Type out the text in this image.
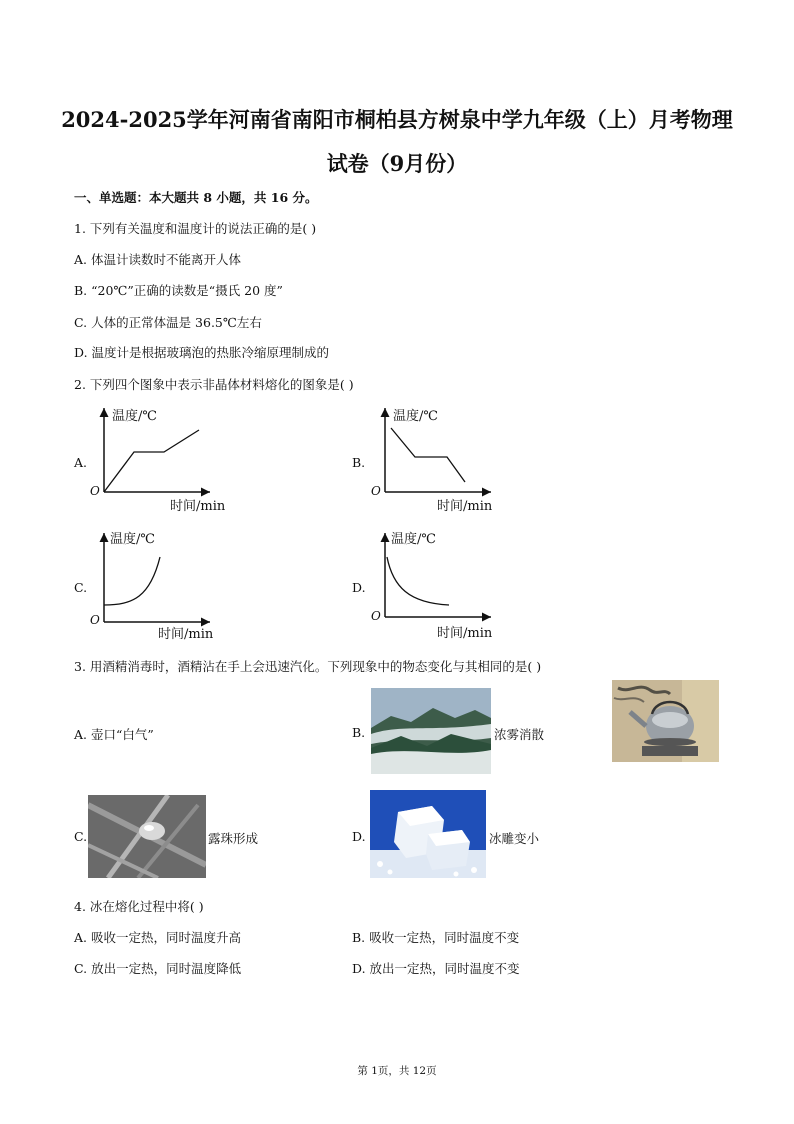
2024-2025学年河南省南阳市桐柏县方树泉中学九年级（上）月考物理
试卷（9月份）
一、单选题：本大题共 8 小题，共 16 分。
1. 下列有关温度和温度计的说法正确的是( )
A. 体温计读数时不能离开人体
B. “20℃”正确的读数是“摄氏 20 度”
C. 人体的正常体温是 36.5℃左右
D. 温度计是根据玻璃泡的热胀冷缩原理制成的
2. 下列四个图象中表示非晶体材料熔化的图象是( )
A.
温度/℃
时间/min
O
B.
温度/℃
时间/min
O
C.
温度/℃
时间/min
O
D.
温度/℃
时间/min
O
3. 用酒精消毒时，酒精沾在手上会迅速汽化。下列现象中的物态变化与其相同的是( )
A. 壶口“白气”	B.	浓雾消散
C.	露珠形成	D.	冰雕变小
4. 冰在熔化过程中将( )
A. 吸收一定热，同时温度升高	B. 吸收一定热，同时温度不变
C. 放出一定热，同时温度降低	D. 放出一定热，同时温度不变
第 1页，共 12页
